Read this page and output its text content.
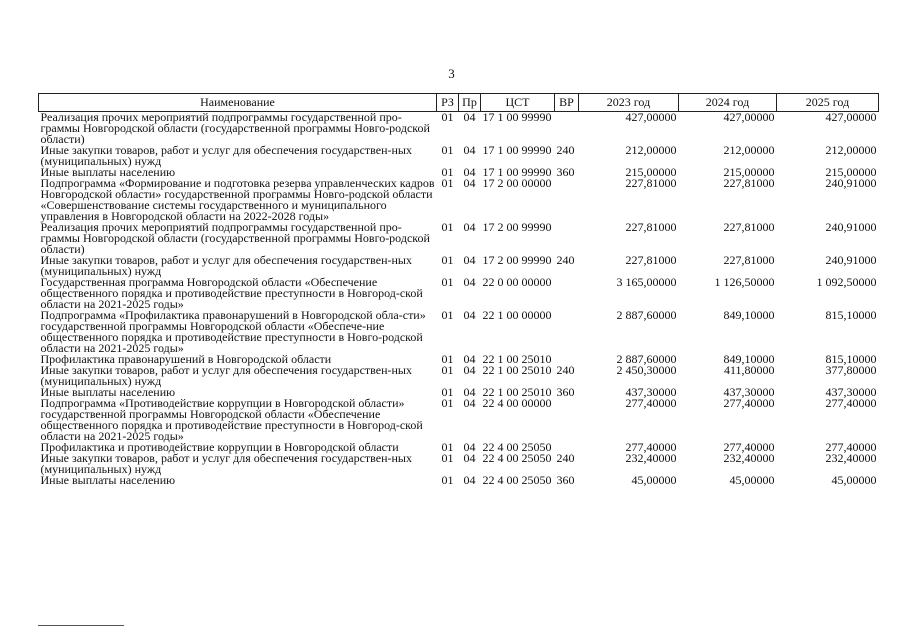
3
Наименование	РЗ	Пр	ЦСТ	ВР	2023 год	2024 год	2025 год
Реализация прочих мероприятий подпрограммы государственной про-граммы Новгородской области (государственной программы Новго-родской области)	01	04	17 1 00 99990		427,00000	427,00000	427,00000
Иные закупки товаров, работ и услуг для обеспечения государствен-ных (муниципальных) нужд	01	04	17 1 00 99990	240	212,00000	212,00000	212,00000
Иные выплаты населению	01	04	17 1 00 99990	360	215,00000	215,00000	215,00000
Подпрограмма «Формирование и подготовка резерва управленческих кадров Новгородской области» государственной программы Новго-родской области «Совершенствование системы государственного и муниципального управления в Новгородской области на 2022-2028 годы»	01	04	17 2 00 00000		227,81000	227,81000	240,91000
Реализация прочих мероприятий подпрограммы государственной про-граммы Новгородской области (государственной программы Новго-родской области)	01	04	17 2 00 99990		227,81000	227,81000	240,91000
Иные закупки товаров, работ и услуг для обеспечения государствен-ных (муниципальных) нужд	01	04	17 2 00 99990	240	227,81000	227,81000	240,91000
Государственная программа Новгородской области «Обеспечение общественного порядка и противодействие преступности в Новгород-ской области на 2021-2025 годы»	01	04	22 0 00 00000		3 165,00000	1 126,50000	1 092,50000
Подпрограмма «Профилактика правонарушений в Новгородской обла-сти» государственной программы Новгородской области «Обеспече-ние общественного порядка и противодействие преступности в Новго-родской области на 2021-2025 годы»	01	04	22 1 00 00000		2 887,60000	849,10000	815,10000
Профилактика правонарушений в Новгородской области	01	04	22 1 00 25010		2 887,60000	849,10000	815,10000
Иные закупки товаров, работ и услуг для обеспечения государствен-ных (муниципальных) нужд	01	04	22 1 00 25010	240	2 450,30000	411,80000	377,80000
Иные выплаты населению	01	04	22 1 00 25010	360	437,30000	437,30000	437,30000
Подпрограмма «Противодействие коррупции в Новгородской области» государственной программы Новгородской области «Обеспечение общественного порядка и противодействие преступности в Новгород-ской области на 2021-2025 годы»	01	04	22 4 00 00000		277,40000	277,40000	277,40000
Профилактика и противодействие коррупции в Новгородской области	01	04	22 4 00 25050		277,40000	277,40000	277,40000
Иные закупки товаров, работ и услуг для обеспечения государствен-ных (муниципальных) нужд	01	04	22 4 00 25050	240	232,40000	232,40000	232,40000
Иные выплаты населению	01	04	22 4 00 25050	360	45,00000	45,00000	45,00000
